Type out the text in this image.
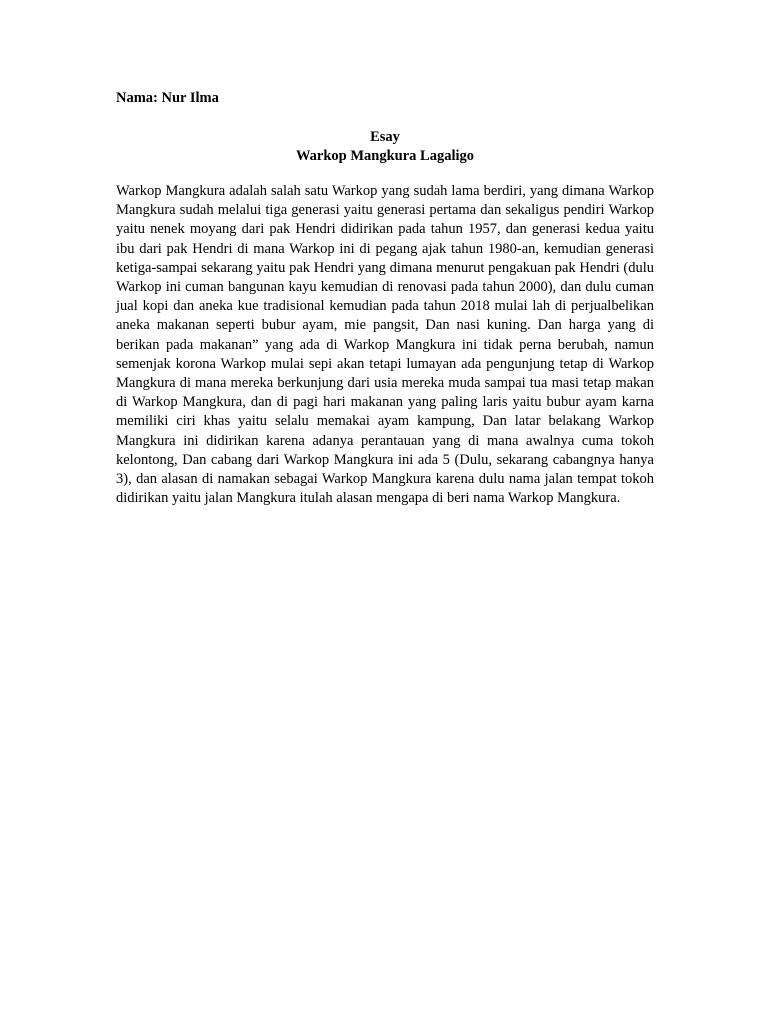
Nama: Nur Ilma
Esay
Warkop Mangkura Lagaligo

Warkop Mangkura adalah salah satu Warkop yang sudah lama berdiri, yang dimana Warkop Mangkura sudah melalui tiga generasi yaitu generasi pertama dan sekaligus pendiri Warkop yaitu nenek moyang dari pak Hendri didirikan pada tahun 1957, dan generasi kedua yaitu ibu dari pak Hendri di mana Warkop ini di pegang ajak tahun 1980-an, kemudian generasi ketiga-sampai sekarang yaitu pak Hendri yang dimana menurut pengakuan pak Hendri (dulu Warkop ini cuman bangunan kayu kemudian di renovasi pada tahun 2000), dan dulu cuman jual kopi dan aneka kue tradisional kemudian pada tahun 2018 mulai lah di perjualbelikan aneka makanan seperti bubur ayam, mie pangsit, Dan nasi kuning. Dan harga yang di berikan pada makanan” yang ada di Warkop Mangkura ini tidak perna berubah, namun semenjak korona Warkop mulai sepi akan tetapi lumayan ada pengunjung tetap di Warkop Mangkura di mana mereka berkunjung dari usia mereka muda sampai tua masi tetap makan di Warkop Mangkura, dan di pagi hari makanan yang paling laris yaitu bubur ayam karna memiliki ciri khas yaitu selalu memakai ayam kampung, Dan latar belakang Warkop Mangkura ini didirikan karena adanya perantauan yang di mana awalnya cuma tokoh kelontong, Dan cabang dari Warkop Mangkura ini ada 5 (Dulu, sekarang cabangnya hanya 3), dan alasan di namakan sebagai Warkop Mangkura karena dulu nama jalan tempat tokoh didirikan yaitu jalan Mangkura itulah alasan mengapa di beri nama Warkop Mangkura.
